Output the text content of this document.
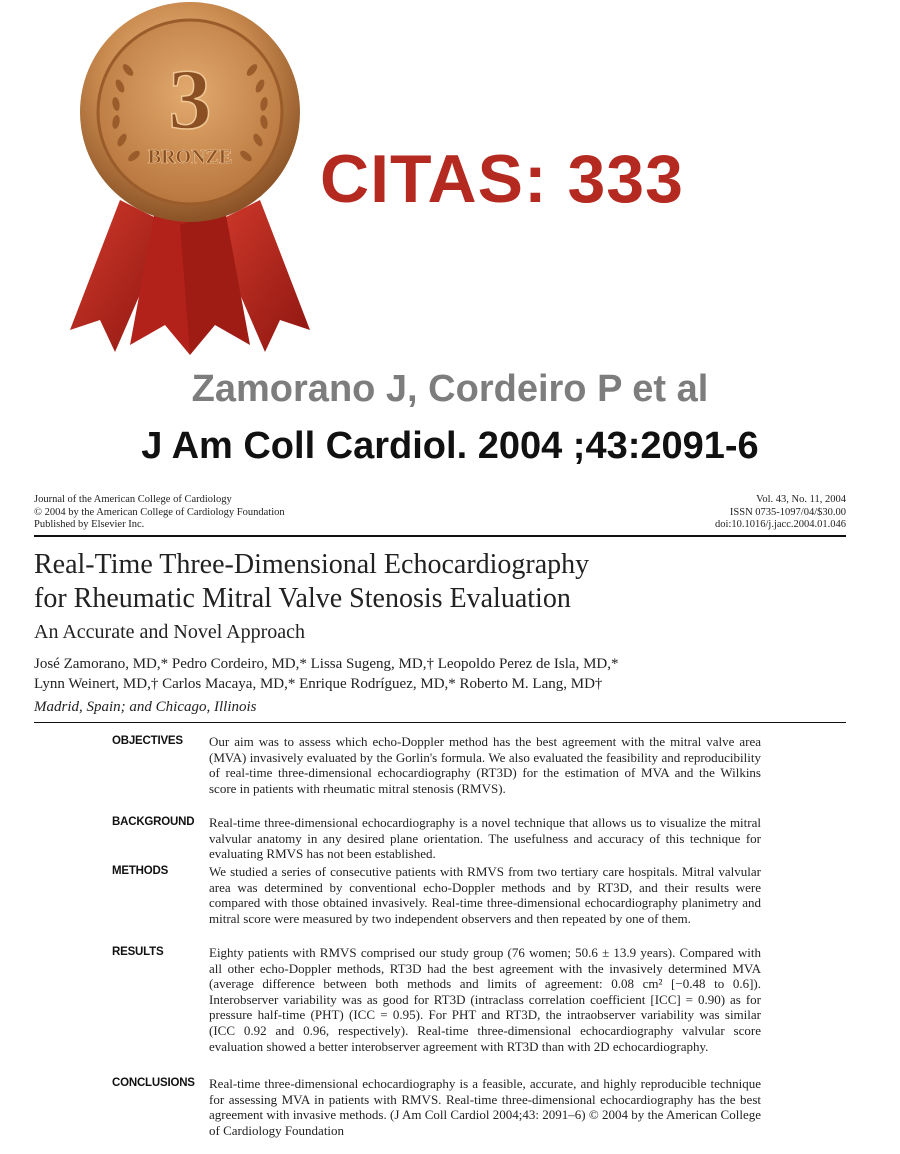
3
BRONZE CITAS: 333
Zamorano J, Cordeiro P et al
J Am Coll Cardiol. 2004 ;43:2091-6
Journal of the American College of Cardiology
© 2004 by the American College of Cardiology Foundation
Published by Elsevier Inc.
Vol. 43, No. 11, 2004
ISSN 0735-1097/04/$30.00
doi:10.1016/j.jacc.2004.01.046
Real-Time Three-Dimensional Echocardiography
for Rheumatic Mitral Valve Stenosis Evaluation
An Accurate and Novel Approach
José Zamorano, MD,* Pedro Cordeiro, MD,* Lissa Sugeng, MD,† Leopoldo Perez de Isla, MD,*
Lynn Weinert, MD,† Carlos Macaya, MD,* Enrique Rodríguez, MD,* Roberto M. Lang, MD†
Madrid, Spain; and Chicago, Illinois
OBJECTIVES Our aim was to assess which echo-Doppler method has the best agreement with the mitral valve area (MVA) invasively evaluated by the Gorlin's formula. We also evaluated the feasibility and reproducibility of real-time three-dimensional echocardiography (RT3D) for the estimation of MVA and the Wilkins score in patients with rheumatic mitral stenosis (RMVS).
BACKGROUND Real-time three-dimensional echocardiography is a novel technique that allows us to visualize the mitral valvular anatomy in any desired plane orientation. The usefulness and accuracy of this technique for evaluating RMVS has not been established.
METHODS	We studied a series of consecutive patients with RMVS from two tertiary care hospitals. Mitral valvular area was determined by conventional echo-Doppler methods and by RT3D, and their results were compared with those obtained invasively. Real-time three-dimensional echocardiography planimetry and mitral score were measured by two independent observers and then repeated by one of them.
RESULTS	Eighty patients with RMVS comprised our study group (76 women; 50.6 ± 13.9 years). Compared with all other echo-Doppler methods, RT3D had the best agreement with the invasively determined MVA (average difference between both methods and limits of agreement: 0.08 cm² [−0.48 to 0.6]). Interobserver variability was as good for RT3D (intraclass correlation coefficient [ICC] = 0.90) as for pressure half-time (PHT) (ICC = 0.95). For PHT and RT3D, the intraobserver variability was similar (ICC 0.92 and 0.96, respectively). Real-time three-dimensional echocardiography valvular score evaluation showed a better interobserver agreement with RT3D than with 2D echocardiography.
CONCLUSIONS Real-time three-dimensional echocardiography is a feasible, accurate, and highly reproducible technique for assessing MVA in patients with RMVS. Real-time three-dimensional echocardiography has the best agreement with invasive methods. (J Am Coll Cardiol 2004;43: 2091–6) © 2004 by the American College of Cardiology Foundation
